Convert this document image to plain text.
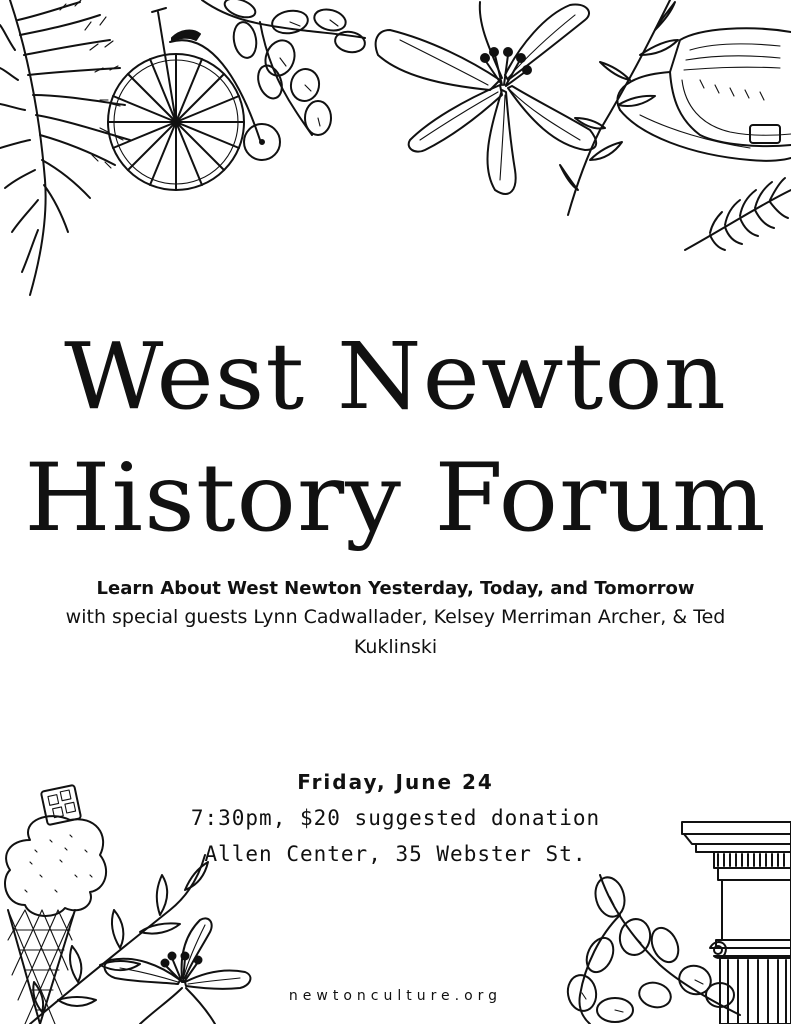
West Newton
History Forum
Learn About West Newton Yesterday, Today, and Tomorrow
with special guests Lynn Cadwallader, Kelsey Merriman Archer, & Ted Kuklinski
Friday, June 24
7:30pm, $20 suggested donation
Allen Center, 35 Webster St.
newtonculture.org
